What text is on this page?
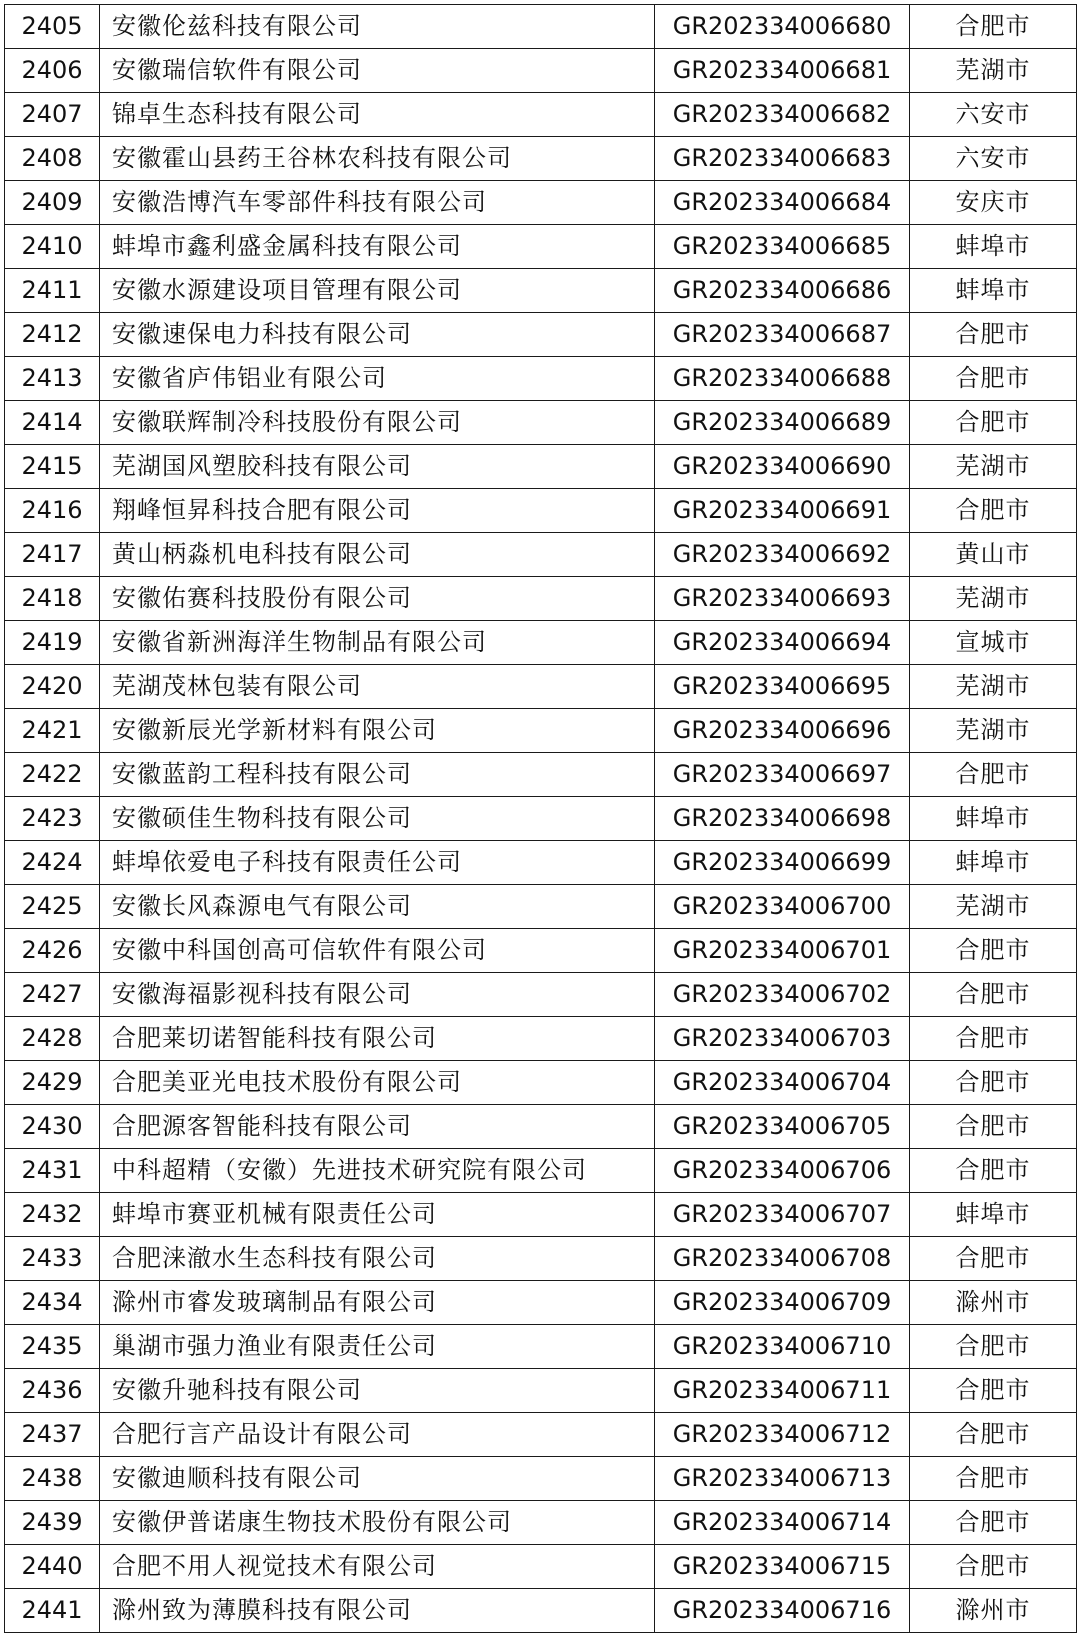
2405	安徽伦兹科技有限公司	GR202334006680	合肥市
2406	安徽瑞信软件有限公司	GR202334006681	芜湖市
2407	锦卓生态科技有限公司	GR202334006682	六安市
2408	安徽霍山县药王谷林农科技有限公司	GR202334006683	六安市
2409	安徽浩博汽车零部件科技有限公司	GR202334006684	安庆市
2410	蚌埠市鑫利盛金属科技有限公司	GR202334006685	蚌埠市
2411	安徽水源建设项目管理有限公司	GR202334006686	蚌埠市
2412	安徽速保电力科技有限公司	GR202334006687	合肥市
2413	安徽省庐伟铝业有限公司	GR202334006688	合肥市
2414	安徽联辉制冷科技股份有限公司	GR202334006689	合肥市
2415	芜湖国风塑胶科技有限公司	GR202334006690	芜湖市
2416	翔峰恒昇科技合肥有限公司	GR202334006691	合肥市
2417	黄山柄淼机电科技有限公司	GR202334006692	黄山市
2418	安徽佑赛科技股份有限公司	GR202334006693	芜湖市
2419	安徽省新洲海洋生物制品有限公司	GR202334006694	宣城市
2420	芜湖茂林包装有限公司	GR202334006695	芜湖市
2421	安徽新辰光学新材料有限公司	GR202334006696	芜湖市
2422	安徽蓝韵工程科技有限公司	GR202334006697	合肥市
2423	安徽硕佳生物科技有限公司	GR202334006698	蚌埠市
2424	蚌埠依爱电子科技有限责任公司	GR202334006699	蚌埠市
2425	安徽长风森源电气有限公司	GR202334006700	芜湖市
2426	安徽中科国创高可信软件有限公司	GR202334006701	合肥市
2427	安徽海福影视科技有限公司	GR202334006702	合肥市
2428	合肥莱切诺智能科技有限公司	GR202334006703	合肥市
2429	合肥美亚光电技术股份有限公司	GR202334006704	合肥市
2430	合肥源客智能科技有限公司	GR202334006705	合肥市
2431	中科超精（安徽）先进技术研究院有限公司	GR202334006706	合肥市
2432	蚌埠市赛亚机械有限责任公司	GR202334006707	蚌埠市
2433	合肥涞澈水生态科技有限公司	GR202334006708	合肥市
2434	滁州市睿发玻璃制品有限公司	GR202334006709	滁州市
2435	巢湖市强力渔业有限责任公司	GR202334006710	合肥市
2436	安徽升驰科技有限公司	GR202334006711	合肥市
2437	合肥行言产品设计有限公司	GR202334006712	合肥市
2438	安徽迪顺科技有限公司	GR202334006713	合肥市
2439	安徽伊普诺康生物技术股份有限公司	GR202334006714	合肥市
2440	合肥不用人视觉技术有限公司	GR202334006715	合肥市
2441	滁州致为薄膜科技有限公司	GR202334006716	滁州市
